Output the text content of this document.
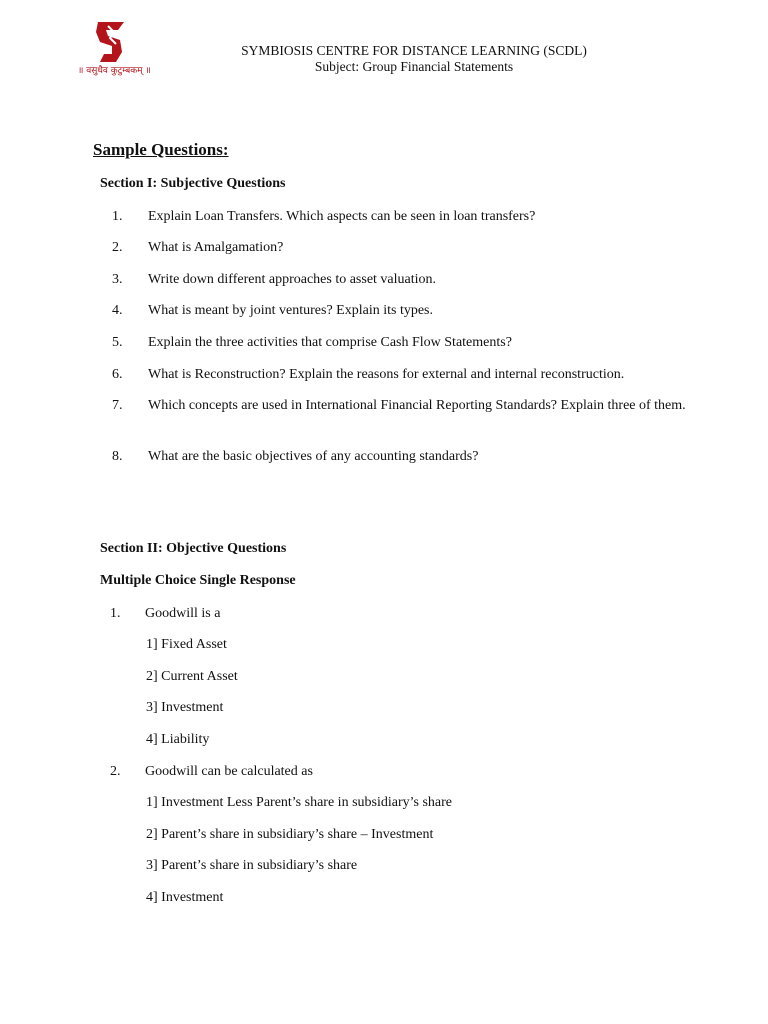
॥ वसुधैव कुटुम्बकम् ॥
SYMBIOSIS CENTRE FOR DISTANCE LEARNING (SCDL)
Subject: Group Financial Statements
Sample Questions:
Section I: Subjective Questions
1.	Explain Loan Transfers. Which aspects can be seen in loan transfers?
2.	What is Amalgamation?
3.	Write down different approaches to asset valuation.
4.	What is meant by joint ventures? Explain its types.
5.	Explain the three activities that comprise Cash Flow Statements?
6.	What is Reconstruction? Explain the reasons for external and internal reconstruction.
7.	Which concepts are used in International Financial Reporting Standards? Explain three of them.
8.	What are the basic objectives of any accounting standards?
Section II: Objective Questions
Multiple Choice Single Response
1. Goodwill is a
1] Fixed Asset
2] Current Asset
3] Investment
4] Liability
2. Goodwill can be calculated as
1] Investment Less Parent’s share in subsidiary’s share
2] Parent’s share in subsidiary’s share – Investment
3] Parent’s share in subsidiary’s share
4] Investment
